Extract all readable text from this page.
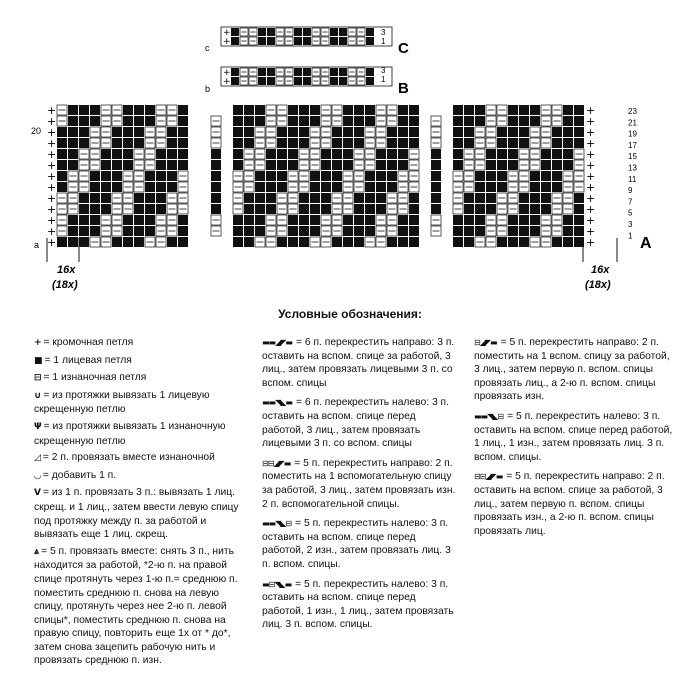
+
+	C
c
3
1
+
+	B
b
3
1
+	+
+	+
+	+
+	+
+	+
+	+
+	+
+	+
+	+
+	+
+	+
+	+
+	+	A
a
20
23
21
19
17
15
13
11
9
7
5
3
1
16x
(18x)
16x
(18x)
Условные обозначения:
+ = кромочная петля
■ = 1 лицевая петля
⊟ = 1 изнаночная петля
∪ = из протяжки вывязать 1 лицевую скрещенную петлю
Ψ = из протяжки вывязать 1 изнаночную скрещенную петлю
◿ = 2 п. провязать вместе изнаночной
◡ = добавить 1 п.
ꓦ = из 1 п. провязать 3 п.: вывязать 1 лиц. скрещ. и 1 лиц., затем ввести левую спицу под протяжку между п. за работой и вывязать еще 1 лиц. скрещ.
⩓ = 5 п. провязать вместе: снять 3 п., нить находится за работой, *2-ю п. на правой спице протянуть через 1-ю п.= среднюю п. поместить среднюю п. снова на левую спицу, протянуть через нее 2-ю п. левой спицы*, поместить среднюю п. снова на правую спицу, повторить еще 1х от * до*, затем снова зацепить рабочую нить и провязать среднюю п. изн.
▬▬◢◤▬ = 6 п. перекрестить направо: 3 п. оставить на вспом. спице за работой, 3 лиц., затем провязать лицевыми 3 п. со вспом. спицы
▬▬◥◣▬ = 6 п. перекрестить налево: 3 п. оставить на вспом. спице перед работой, 3 лиц., затем провязать лицевыми 3 п. со вспом. спицы
⊟⊟◢◤▬ = 5 п. перекрестить направо: 2 п. поместить на 1 вспомогательную спицу за работой, 3 лиц., затем провязать изн. 2 п. вспомогательной спицы.
▬▬◥◣⊟ = 5 п. перекрестить налево: 3 п. оставить на вспом. спице перед работой, 2 изн., затем провязать лиц. 3 п. вспом. спицы.
▬⊟◥◣▬ = 5 п. перекрестить налево: 3 п. оставить на вспом. спице перед работой, 1 изн., 1 лиц., затем провязать лиц. 3 п. вспом. спицы.
⊟◢◤▬ = 5 п. перекрестить направо: 2 п. поместить на 1 вспом. спицу за работой, 3 лиц., затем первую п. вспом. спицы провязать лиц., а 2-ю п. вспом. спицы провязать изн.
▬▬◥◣⊟ = 5 п. перекрестить налево: 3 п. оставить на вспом. спице перед работой, 1 лиц., 1 изн., затем провязать лиц. 3 п. вспом. спицы.
⊟⊟◢◤▬ = 5 п. перекрестить направо: 2 п. оставить на вспом. спице за работой, 3 лиц., затем первую п. вспом. спицы провязать изн., а 2-ю п. вспом. спицы провязать лиц.
